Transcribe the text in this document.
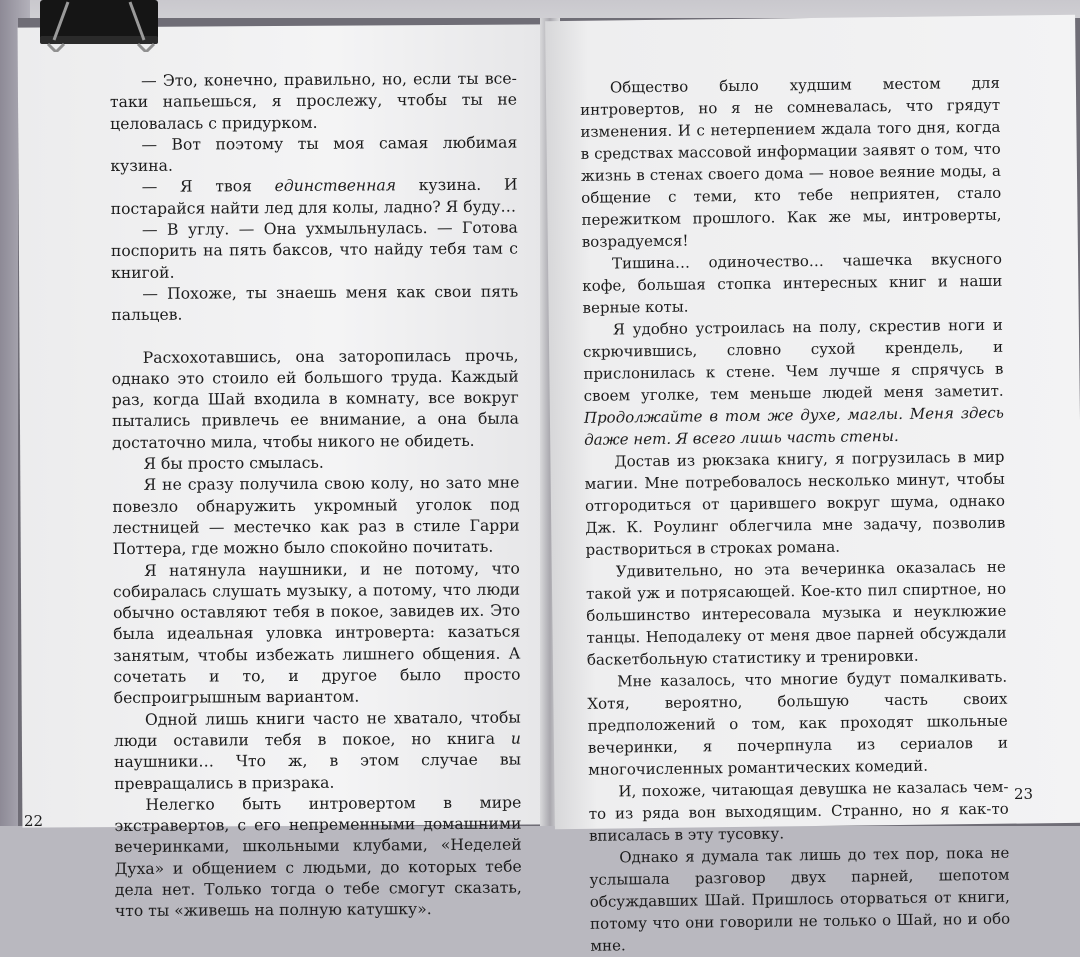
— Это, конечно, правильно, но, если ты все-таки напьешься, я прослежу, чтобы ты не целовалась с придурком.

— Вот поэтому ты моя самая любимая кузина.

— Я твоя единственная кузина. И постарайся найти лед для колы, ладно? Я буду…

— В углу. — Она ухмыльнулась. — Готова поспорить на пять баксов, что найду тебя там с книгой.

— Похоже, ты знаешь меня как свои пять пальцев.

Расхохотавшись, она заторопилась прочь, однако это стоило ей большого труда. Каждый раз, когда Шай входила в комнату, все вокруг пытались привлечь ее внимание, а она была достаточно мила, чтобы никого не обидеть.

Я бы просто смылась.

Я не сразу получила свою колу, но зато мне повезло обнаружить укромный уголок под лестницей — местечко как раз в стиле Гарри Поттера, где можно было спокойно почитать.

Я натянула наушники, и не потому, что собиралась слушать музыку, а потому, что люди обычно оставляют тебя в покое, завидев их. Это была идеальная уловка интроверта: казаться занятым, чтобы избежать лишнего общения. А сочетать и то, и другое было просто беспроигрышным вариантом.

Одной лишь книги часто не хватало, чтобы люди оставили тебя в покое, но книга и наушники… Что ж, в этом случае вы превращались в призрака.

Нелегко быть интровертом в мире экстравертов, с его непременными домашними вечеринками, школьными клубами, «Неделей Духа» и общением с людьми, до которых тебе дела нет. Только тогда о тебе смогут сказать, что ты «живешь на полную катушку».

Общество было худшим местом для интровертов, но я не сомневалась, что грядут изменения. И с нетерпением ждала того дня, когда в средствах массовой информации заявят о том, что жизнь в стенах своего дома — новое веяние моды, а общение с теми, кто тебе неприятен, стало пережитком прошлого. Как же мы, интроверты, возрадуемся!

Тишина… одиночество… чашечка вкусного кофе, большая стопка интересных книг и наши верные коты.

Я удобно устроилась на полу, скрестив ноги и скрючившись, словно сухой крендель, и прислонилась к стене. Чем лучше я спрячусь в своем уголке, тем меньше людей меня заметит. Продолжайте в том же духе, маглы. Меня здесь даже нет. Я всего лишь часть стены.

Достав из рюкзака книгу, я погрузилась в мир магии. Мне потребовалось несколько минут, чтобы отгородиться от царившего вокруг шума, однако Дж. К. Роулинг облегчила мне задачу, позволив раствориться в строках романа.

Удивительно, но эта вечеринка оказалась не такой уж и потрясающей. Кое-кто пил спиртное, но большинство интересовала музыка и неуклюжие танцы. Неподалеку от меня двое парней обсуждали баскетбольную статистику и тренировки.

Мне казалось, что многие будут помалкивать. Хотя, вероятно, большую часть своих предположений о том, как проходят школьные вечеринки, я почерпнула из сериалов и многочисленных романтических комедий.

И, похоже, читающая девушка не казалась чем-то из ряда вон выходящим. Странно, но я как-то вписалась в эту тусовку.

Однако я думала так лишь до тех пор, пока не услышала разговор двух парней, шепотом обсуждавших Шай. Пришлось оторваться от книги, потому что они говорили не только о Шай, но и обо мне.

22
23
